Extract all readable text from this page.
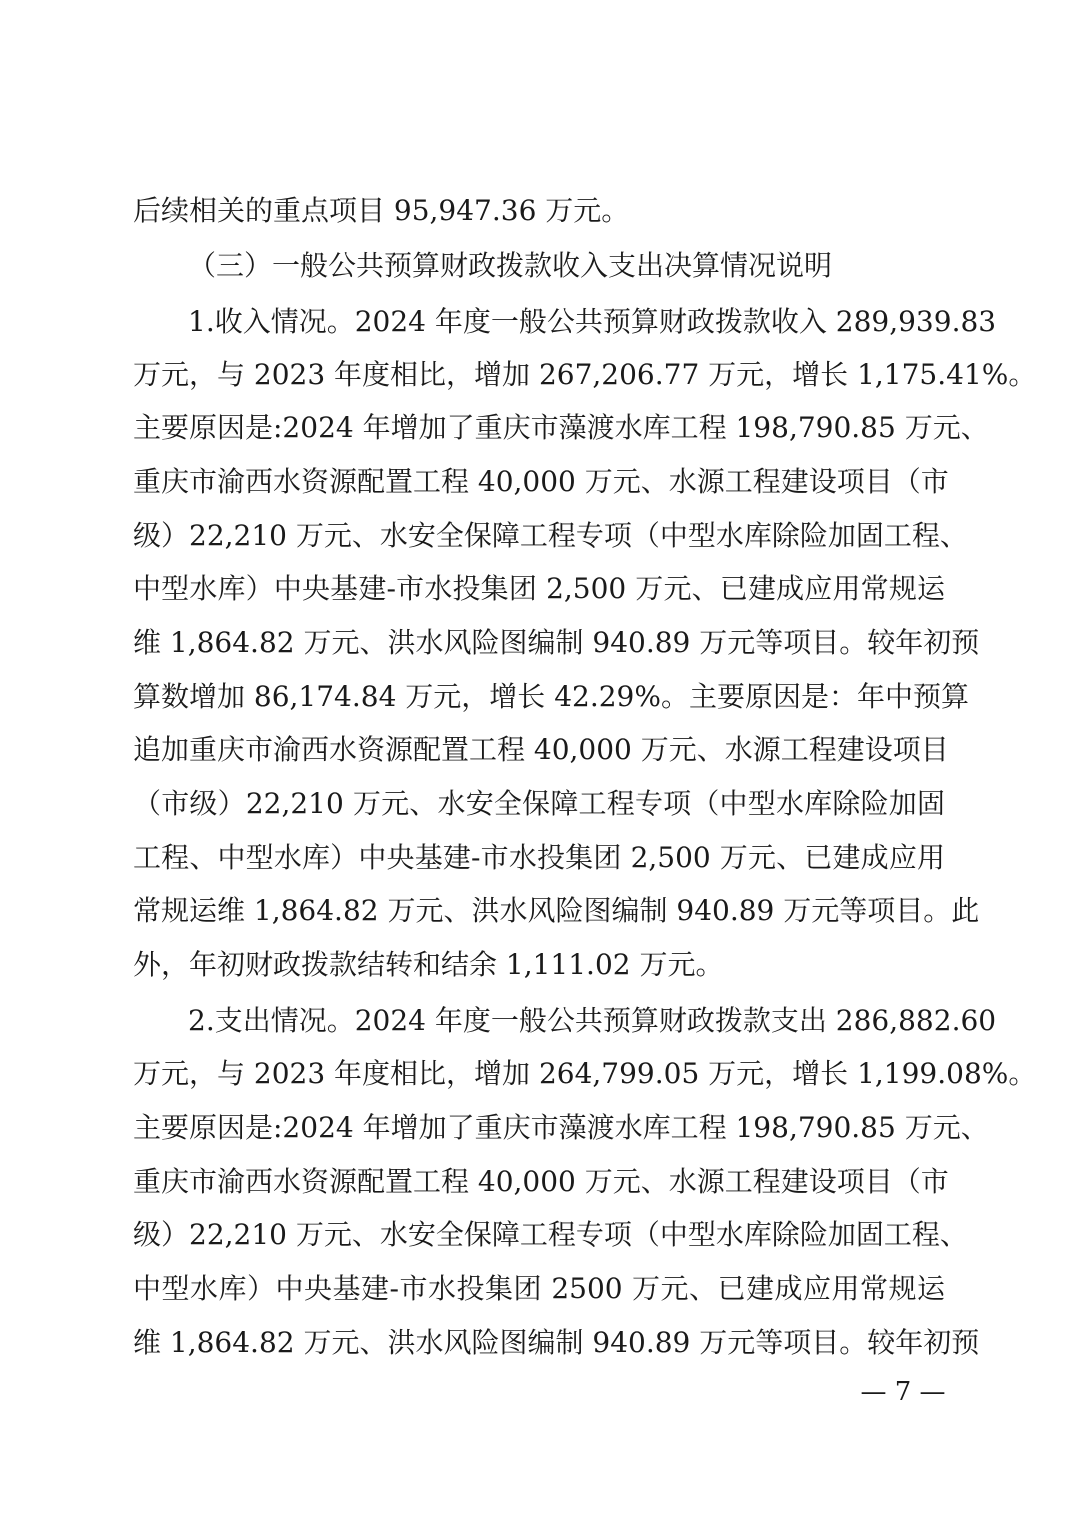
后续相关的重点项目 95,947.36 万元。
（三）一般公共预算财政拨款收入支出决算情况说明
1.收入情况。2024 年度一般公共预算财政拨款收入 289,939.83
万元，与 2023 年度相比，增加 267,206.77 万元，增长 1,175.41%。
主要原因是:2024 年增加了重庆市藻渡水库工程 198,790.85 万元、
重庆市渝西水资源配置工程 40,000 万元、水源工程建设项目（市
级）22,210 万元、水安全保障工程专项（中型水库除险加固工程、
中型水库）中央基建-市水投集团 2,500 万元、已建成应用常规运
维 1,864.82 万元、洪水风险图编制 940.89 万元等项目。较年初预
算数增加 86,174.84 万元，增长 42.29%。主要原因是：年中预算
追加重庆市渝西水资源配置工程 40,000 万元、水源工程建设项目
（市级）22,210 万元、水安全保障工程专项（中型水库除险加固
工程、中型水库）中央基建-市水投集团 2,500 万元、已建成应用
常规运维 1,864.82 万元、洪水风险图编制 940.89 万元等项目。此
外，年初财政拨款结转和结余 1,111.02 万元。
2.支出情况。2024 年度一般公共预算财政拨款支出 286,882.60
万元，与 2023 年度相比，增加 264,799.05 万元，增长 1,199.08%。
主要原因是:2024 年增加了重庆市藻渡水库工程 198,790.85 万元、
重庆市渝西水资源配置工程 40,000 万元、水源工程建设项目（市
级）22,210 万元、水安全保障工程专项（中型水库除险加固工程、
中型水库）中央基建-市水投集团 2500 万元、已建成应用常规运
维 1,864.82 万元、洪水风险图编制 940.89 万元等项目。较年初预
— 7 —
